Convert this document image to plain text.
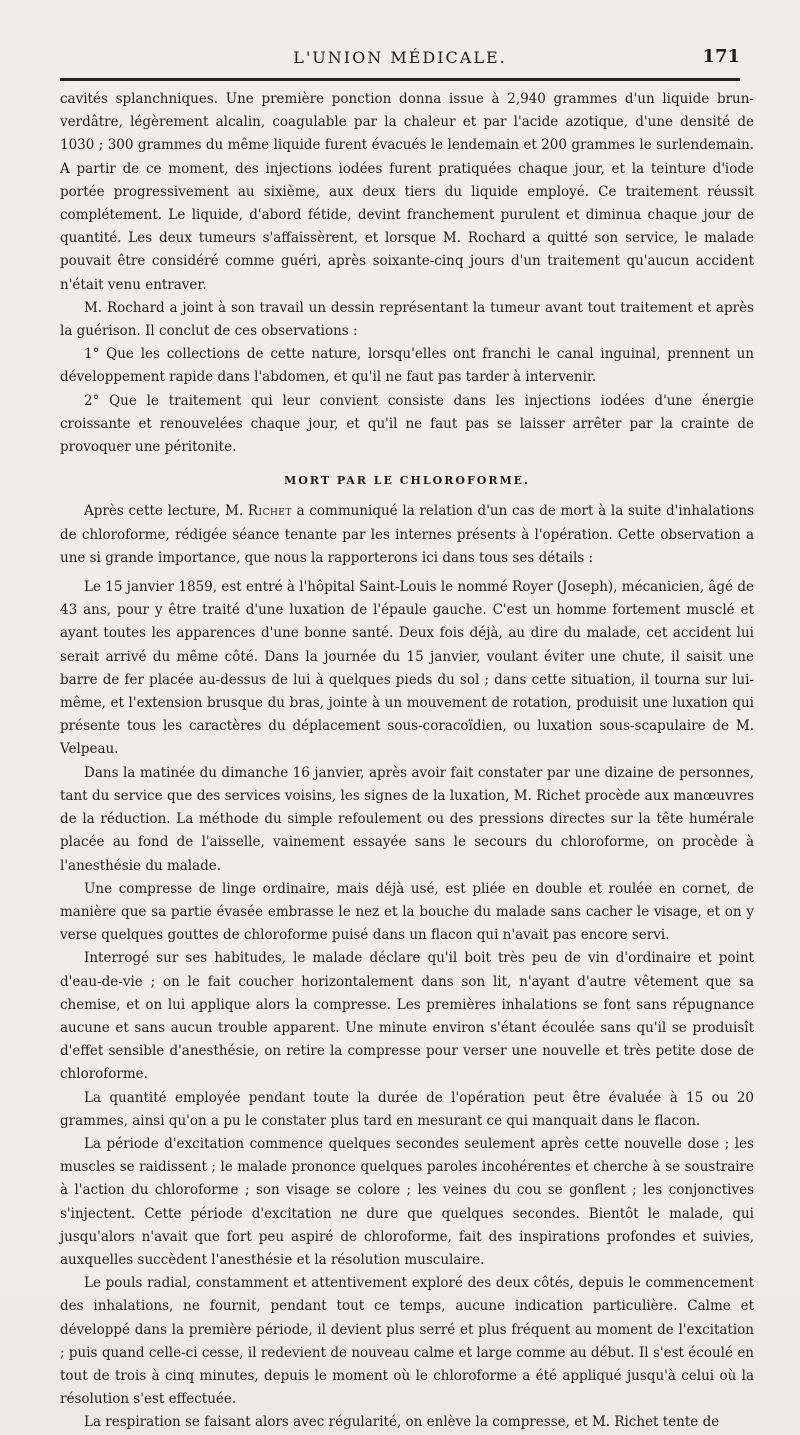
L'UNION MÉDICALE.	171

cavités splanchniques. Une première ponction donna issue à 2,940 grammes d'un liquide brun-verdâtre, légèrement alcalin, coagulable par la chaleur et par l'acide azotique, d'une densité de 1030 ; 300 grammes du même liquide furent évacués le lendemain et 200 grammes le surlendemain. A partir de ce moment, des injections iodées furent pratiquées chaque jour, et la teinture d'iode portée progressivement au sixième, aux deux tiers du liquide employé. Ce traitement réussit complétement. Le liquide, d'abord fétide, devint franchement purulent et diminua chaque jour de quantité. Les deux tumeurs s'affaissèrent, et lorsque M. Rochard a quitté son service, le malade pouvait être considéré comme guéri, après soixante-cinq jours d'un traitement qu'aucun accident n'était venu entraver.

M. Rochard a joint à son travail un dessin représentant la tumeur avant tout traitement et après la guérison. Il conclut de ces observations :

1° Que les collections de cette nature, lorsqu'elles ont franchi le canal inguinal, prennent un développement rapide dans l'abdomen, et qu'il ne faut pas tarder à intervenir.

2° Que le traitement qui leur convient consiste dans les injections iodées d'une énergie croissante et renouvelées chaque jour, et qu'il ne faut pas se laisser arrêter par la crainte de provoquer une péritonite.

MORT PAR LE CHLOROFORME.

Après cette lecture, M. Richet a communiqué la relation d'un cas de mort à la suite d'inhalations de chloroforme, rédigée séance tenante par les internes présents à l'opération. Cette observation a une si grande importance, que nous la rapporterons ici dans tous ses détails :

Le 15 janvier 1859, est entré à l'hôpital Saint-Louis le nommé Royer (Joseph), mécanicien, âgé de 43 ans, pour y être traité d'une luxation de l'épaule gauche. C'est un homme fortement musclé et ayant toutes les apparences d'une bonne santé. Deux fois déjà, au dire du malade, cet accident lui serait arrivé du même côté. Dans la journée du 15 janvier, voulant éviter une chute, il saisit une barre de fer placée au-dessus de lui à quelques pieds du sol ; dans cette situation, il tourna sur lui-même, et l'extension brusque du bras, jointe à un mouvement de rotation, produisit une luxation qui présente tous les caractères du déplacement sous-coracoïdien, ou luxation sous-scapulaire de M. Velpeau.

Dans la matinée du dimanche 16 janvier, après avoir fait constater par une dizaine de personnes, tant du service que des services voisins, les signes de la luxation, M. Richet procède aux manœuvres de la réduction. La méthode du simple refoulement ou des pressions directes sur la tête humérale placée au fond de l'aisselle, vainement essayée sans le secours du chloroforme, on procède à l'anesthésie du malade.

Une compresse de linge ordinaire, mais déjà usé, est pliée en double et roulée en cornet, de manière que sa partie évasée embrasse le nez et la bouche du malade sans cacher le visage, et on y verse quelques gouttes de chloroforme puisé dans un flacon qui n'avait pas encore servi.

Interrogé sur ses habitudes, le malade déclare qu'il boit très peu de vin d'ordinaire et point d'eau-de-vie ; on le fait coucher horizontalement dans son lit, n'ayant d'autre vêtement que sa chemise, et on lui applique alors la compresse. Les premières inhalations se font sans répugnance aucune et sans aucun trouble apparent. Une minute environ s'étant écoulée sans qu'il se produisît d'effet sensible d'anesthésie, on retire la compresse pour verser une nouvelle et très petite dose de chloroforme.

La quantité employée pendant toute la durée de l'opération peut être évaluée à 15 ou 20 grammes, ainsi qu'on a pu le constater plus tard en mesurant ce qui manquait dans le flacon.

La période d'excitation commence quelques secondes seulement après cette nouvelle dose ; les muscles se raidissent ; le malade prononce quelques paroles incohérentes et cherche à se soustraire à l'action du chloroforme ; son visage se colore ; les veines du cou se gonflent ; les conjonctives s'injectent. Cette période d'excitation ne dure que quelques secondes. Bientôt le malade, qui jusqu'alors n'avait que fort peu aspiré de chloroforme, fait des inspirations profondes et suivies, auxquelles succèdent l'anesthésie et la résolution musculaire.

Le pouls radial, constamment et attentivement exploré des deux côtés, depuis le commencement des inhalations, ne fournit, pendant tout ce temps, aucune indication particulière. Calme et développé dans la première période, il devient plus serré et plus fréquent au moment de l'excitation ; puis quand celle-ci cesse, il redevient de nouveau calme et large comme au début. Il s'est écoulé en tout de trois à cinq minutes, depuis le moment où le chloroforme a été appliqué jusqu'à celui où la résolution s'est effectuée.

La respiration se faisant alors avec régularité, on enlève la compresse, et M. Richet tente de
